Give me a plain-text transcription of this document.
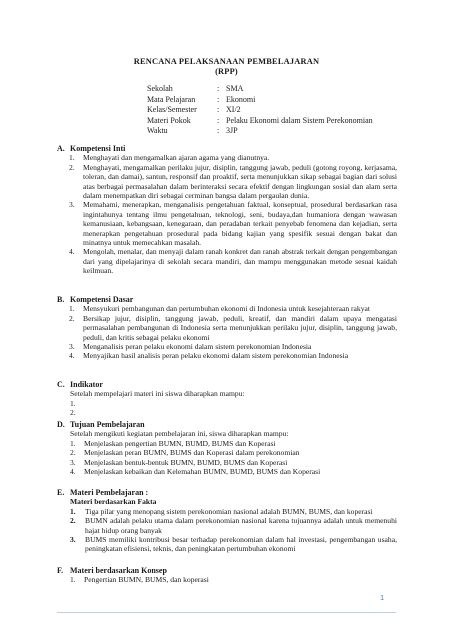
RENCANA PELAKSANAAN PEMBELAJARAN
(RPP)
Sekolah	: SMA
Mata Pelajaran	: Ekonomi
Kelas/Semester	: XI/2
Materi Pokok	: Pelaku Ekonomi dalam Sistem Perekonomian
Waktu	: 3JP
A. Kompetensi Inti
1.	Menghayati dan mengamalkan ajaran agama yang dianutnya.
2.	Menghayati, mengamalkan perilaku jujur, disiplin, tanggung jawab, peduli (gotong royong, kerjasama, toleran, dan damai), santun, responsif dan proaktif, serta menunjukkan sikap sebagai bagian dari solusi atas berbagai permasalahan dalam berinteraksi secara efektif dengan lingkungan sosial dan alam serta dalam menempatkan diri sebagai cerminan bangsa dalam pergaulan dunia.
3.	Memahami, menerapkan, menganalisis pengetahuan faktual, konseptual, prosedural berdasarkan rasa ingintahunya tentang ilmu pengetahuan, teknologi, seni, budaya,dan humaniora dengan wawasan kemanusiaan, kebangsaan, kenegaraan, dan peradaban terkait penyebab fenomena dan kejadian, serta menerapkan pengetahuan prosedural pada bidang kajian yang spesifik sesuai dengan bakat dan minatnya untuk memecahkan masalah.
4.	Mengolah, menalar, dan menyaji dalam ranah konkret dan ranah abstrak terkait dengan pengembangan dari yang dipelajarinya di sekolah secara mandiri, dan mampu menggunakan metode sesuai kaidah keilmuan.
B. Kompetensi Dasar
1.	Mensyukuri pembangunan dan pertumbuhan ekonomi di Indonesia untuk kesejahteraan rakyat
2.	Bersikap jujur, disiplin, tanggung jawab, peduli, kreatif, dan mandiri dalam upaya mengatasi permasalahan pembangunan di Indonesia serta menunjukkan perilaku jujur, disiplin, tanggung jawab, peduli, dan kritis sebagai pelaku ekonomi
3.	Menganalisis peran pelaku ekonomi dalam sistem perekonomian Indonesia
4.	Menyajikan hasil analisis peran pelaku ekonomi dalam sistem perekonomian Indonesia
C. Indikator
Setelah mempelajari materi ini siswa diharapkan mampu:
1.
2.
D. Tujuan Pembelajaran
Setelah mengikuti kegiatan pembelajaran ini, siswa diharapkan mampu:
1.	Menjelaskan pengertian BUMN, BUMD, BUMS dan Koperasi
2.	Menjelaskan peran BUMN, BUMS dan Koperasi dalam perekonomian
3.	Menjelaskan bentuk-bentuk BUMN, BUMD, BUMS dan Koperasi
4.	Menjelaskan kebaikan dan Kelemahan BUMN, BUMD, BUMS dan Koperasi
E. Materi Pembelajaran :
Materi berdasarkan Fakta
1.	Tiga pilar yang menopang sistem perekonomian nasional adalah BUMN, BUMS, dan koperasi
2.	BUMN adalah pelaku utama dalam perekonomian nasional karena tujuannya adalah untuk memenuhi hajat hidup orang banyak
3.	BUMS memiliki kontribusi besar terhadap perekonomian dalam hal investasi, pengembangan usaha, peningkatan efisiensi, teknis, dan peningkatan pertumbuhan ekonomi
F. Materi berdasarkan Konsep
1.	Pengertian BUMN, BUMS, dan koperasi
1
